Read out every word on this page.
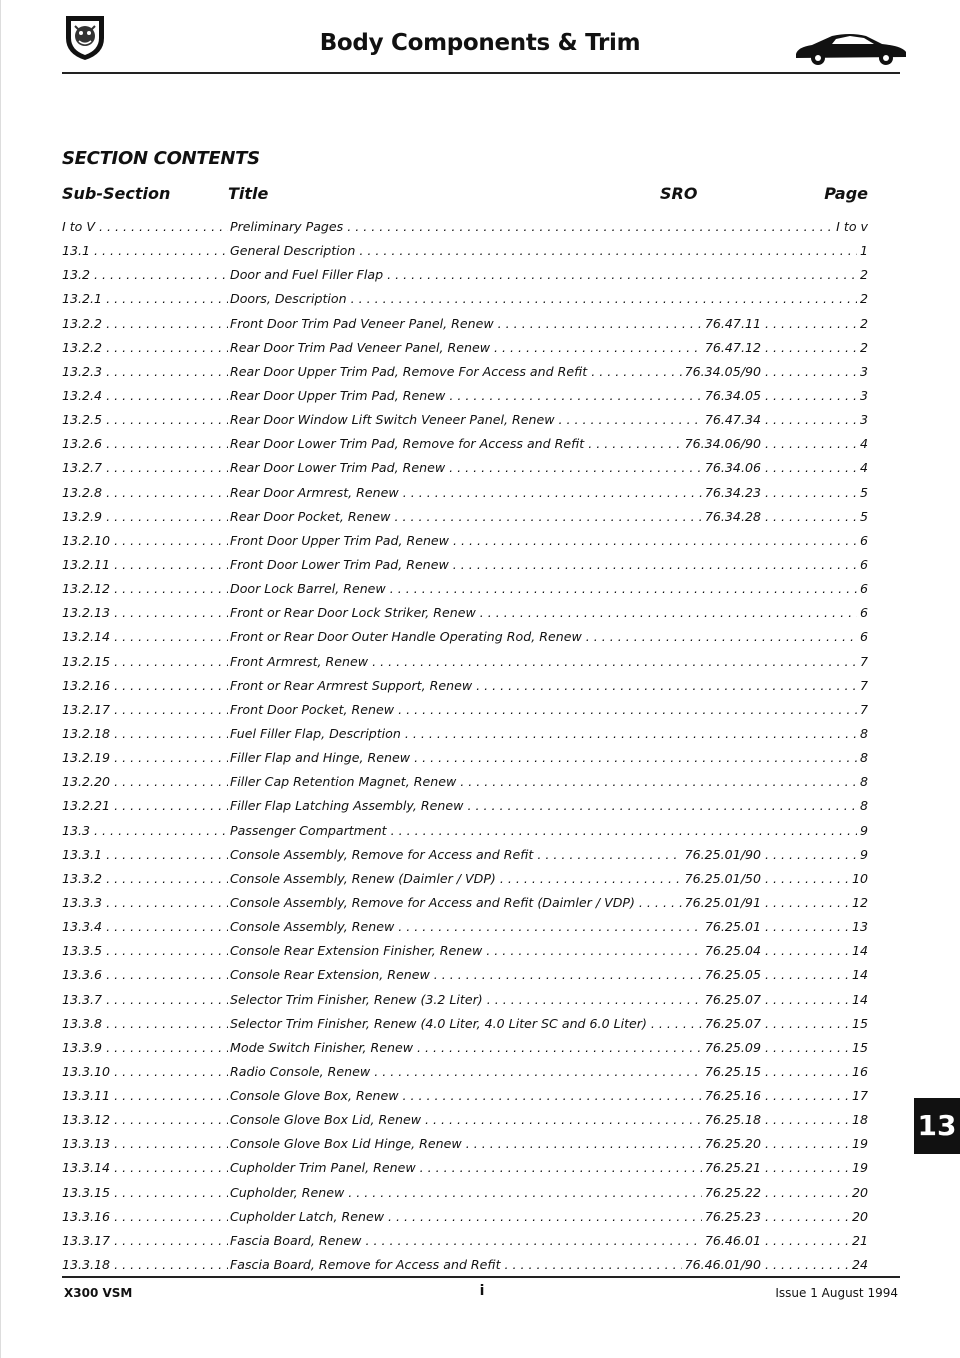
Body Components & Trim
SECTION CONTENTS
Sub-Section	Title	SRO	Page
I to V . . .	Preliminary Pages . . .	I to v
13.1 . . .	General Description . . .	1
13.2 . . .	Door and Fuel Filler Flap . . .	2
13.2.1 . . .	Doors, Description . . .	2
13.2.2 . . .	Front Door Trim Pad Veneer Panel, Renew . . .	76.47.11 . . .	2
13.2.2 . . .	Rear Door Trim Pad Veneer Panel, Renew . . .	76.47.12 . . .	2
13.2.3 . . .	Rear Door Upper Trim Pad, Remove For Access and Refit . . .	76.34.05/90 . . .	3
13.2.4 . . .	Rear Door Upper Trim Pad, Renew . . .	76.34.05 . . .	3
13.2.5 . . .	Rear Door Window Lift Switch Veneer Panel, Renew . . .	76.47.34 . . .	3
13.2.6 . . .	Rear Door Lower Trim Pad, Remove for Access and Refit . . .	76.34.06/90 . . .	4
13.2.7 . . .	Rear Door Lower Trim Pad, Renew . . .	76.34.06 . . .	4
13.2.8 . . .	Rear Door Armrest, Renew . . .	76.34.23 . . .	5
13.2.9 . . .	Rear Door Pocket, Renew . . .	76.34.28 . . .	5
13.2.10 . . .	Front Door Upper Trim Pad, Renew . . .	6
13.2.11 . . .	Front Door Lower Trim Pad, Renew . . .	6
13.2.12 . . .	Door Lock Barrel, Renew . . .	6
13.2.13 . . .	Front or Rear Door Lock Striker, Renew . . .	6
13.2.14 . . .	Front or Rear Door Outer Handle Operating Rod, Renew . . .	6
13.2.15 . . .	Front Armrest, Renew . . .	7
13.2.16 . . .	Front or Rear Armrest Support, Renew . . .	7
13.2.17 . . .	Front Door Pocket, Renew . . .	7
13.2.18 . . .	Fuel Filler Flap, Description . . .	8
13.2.19 . . .	Filler Flap and Hinge, Renew . . .	8
13.2.20 . . .	Filler Cap Retention Magnet, Renew . . .	8
13.2.21 . . .	Filler Flap Latching Assembly, Renew . . .	8
13.3 . . .	Passenger Compartment . . .	9
13.3.1 . . .	Console Assembly, Remove for Access and Refit . . .	76.25.01/90 . . .	9
13.3.2 . . .	Console Assembly, Renew (Daimler / VDP) . . .	76.25.01/50 . . .	10
13.3.3 . . .	Console Assembly, Remove for Access and Refit (Daimler / VDP) . . .	76.25.01/91 . . .	12
13.3.4 . . .	Console Assembly, Renew . . .	76.25.01 . . .	13
13.3.5 . . .	Console Rear Extension Finisher, Renew . . .	76.25.04 . . .	14
13.3.6 . . .	Console Rear Extension, Renew . . .	76.25.05 . . .	14
13.3.7 . . .	Selector Trim Finisher, Renew (3.2 Liter) . . .	76.25.07 . . .	14
13.3.8 . . .	Selector Trim Finisher, Renew (4.0 Liter, 4.0 Liter SC and 6.0 Liter) . . .	76.25.07 . . .	15
13.3.9 . . .	Mode Switch Finisher, Renew . . .	76.25.09 . . .	15
13.3.10 . . .	Radio Console, Renew . . .	76.25.15 . . .	16
13.3.11 . . .	Console Glove Box, Renew . . .	76.25.16 . . .	17
13.3.12 . . .	Console Glove Box Lid, Renew . . .	76.25.18 . . .	18
13.3.13 . . .	Console Glove Box Lid Hinge, Renew . . .	76.25.20 . . .	19
13.3.14 . . .	Cupholder Trim Panel, Renew . . .	76.25.21 . . .	19
13.3.15 . . .	Cupholder, Renew . . .	76.25.22 . . .	20
13.3.16 . . .	Cupholder Latch, Renew . . .	76.25.23 . . .	20
13.3.17 . . .	Fascia Board, Renew . . .	76.46.01 . . .	21
13.3.18 . . .	Fascia Board, Remove for Access and Refit . . .	76.46.01/90 . . .	24
13
X300 VSM	i	Issue 1 August 1994
